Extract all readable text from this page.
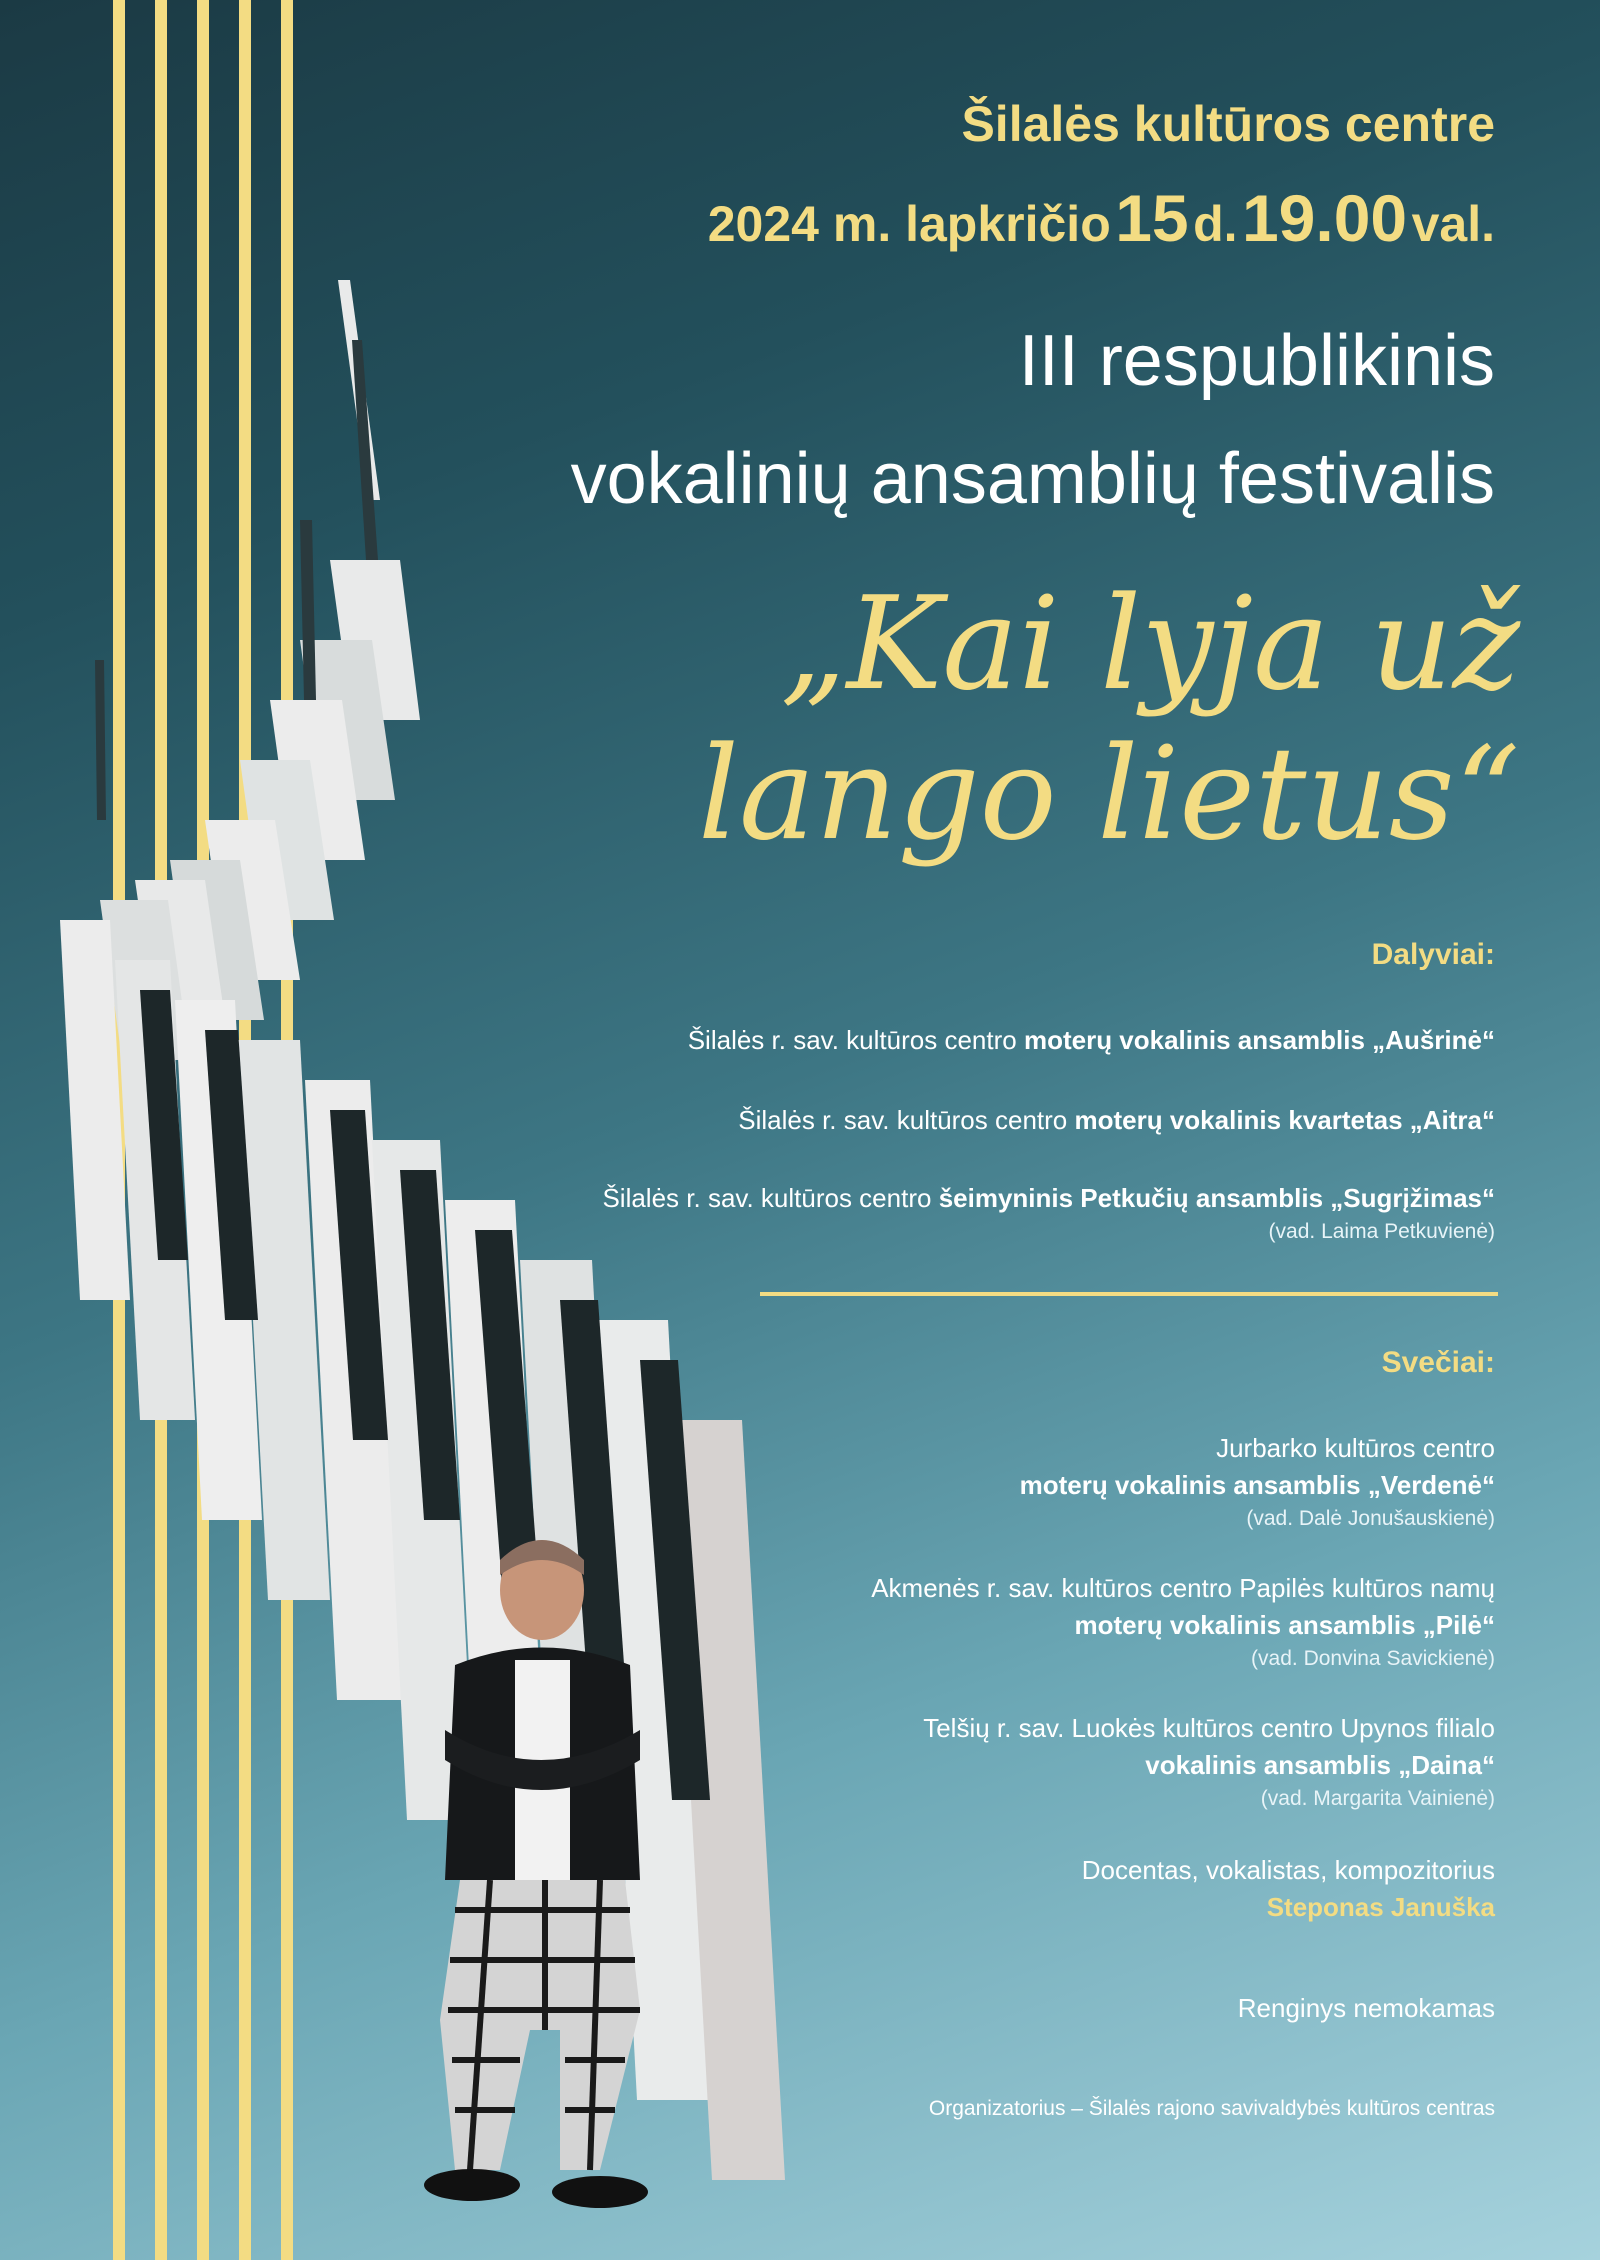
Šilalės kultūros centre
2024 m. lapkričio 15 d. 19.00 val.
III respublikinis
vokalinių ansamblių festivalis
„Kai lyja už
lango lietus“
Dalyviai:
Šilalės r. sav. kultūros centro moterų vokalinis ansamblis „Aušrinė“
Šilalės r. sav. kultūros centro moterų vokalinis kvartetas „Aitra“
Šilalės r. sav. kultūros centro šeimyninis Petkučių ansamblis „Sugrįžimas“
(vad. Laima Petkuvienė)
Svečiai:
Jurbarko kultūros centro
moterų vokalinis ansamblis „Verdenė“
(vad. Dalė Jonušauskienė)
Akmenės r. sav. kultūros centro Papilės kultūros namų
moterų vokalinis ansamblis „Pilė“
(vad. Donvina Savickienė)
Telšių r. sav. Luokės kultūros centro Upynos filialo
vokalinis ansamblis „Daina“
(vad. Margarita Vainienė)
Docentas, vokalistas, kompozitorius
Steponas Januška
Renginys nemokamas
Organizatorius – Šilalės rajono savivaldybės kultūros centras
